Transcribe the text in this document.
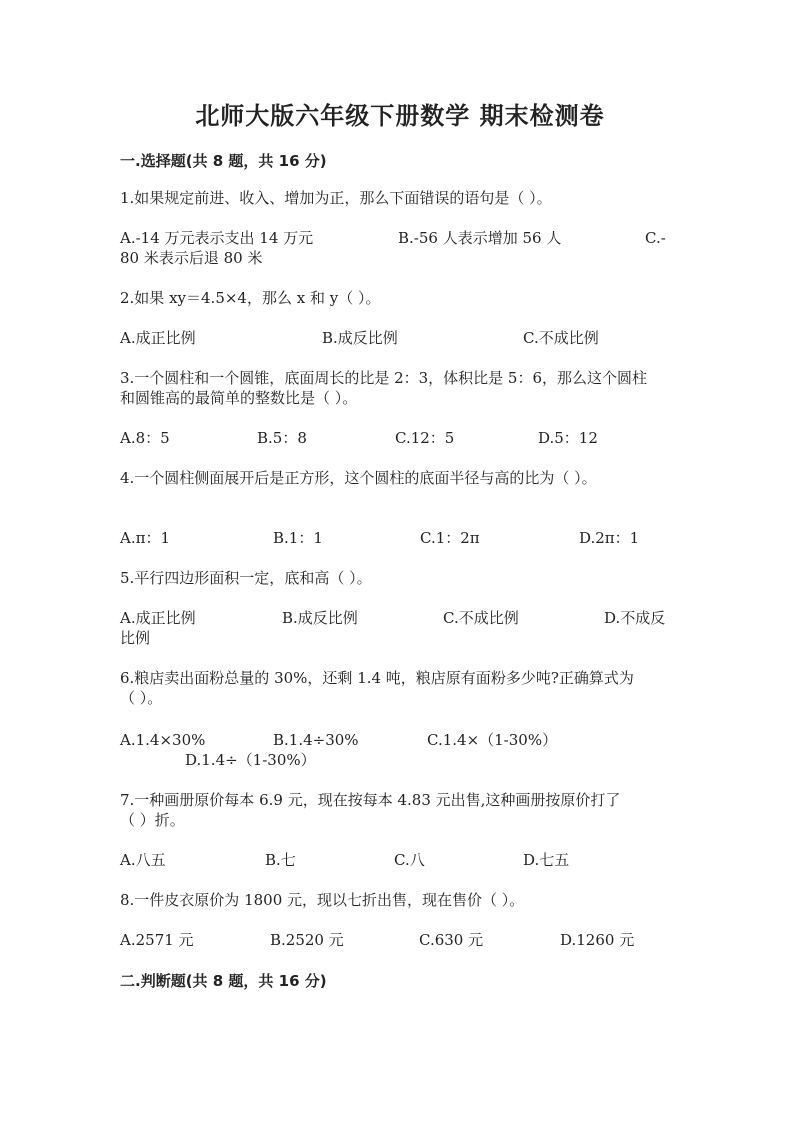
北师大版六年级下册数学 期末检测卷
一.选择题(共 8 题，共 16 分)
1.如果规定前进、收入、增加为正，那么下面错误的语句是（ ）。
A.-14 万元表示支出 14 万元	B.-56 人表示增加 56 人	C.-
80 米表示后退 80 米
2.如果 xy＝4.5×4，那么 x 和 y（ ）。
A.成正比例	B.成反比例	C.不成比例
3.一个圆柱和一个圆锥，底面周长的比是 2：3，体积比是 5：6，那么这个圆柱
和圆锥高的最简单的整数比是（ ）。
A.8：5	B.5：8	C.12：5	D.5：12
4.一个圆柱侧面展开后是正方形，这个圆柱的底面半径与高的比为（ ）。
A.π：1	B.1：1	C.1：2π	D.2π：1
5.平行四边形面积一定，底和高（ ）。
A.成正比例	B.成反比例	C.不成比例	D.不成反
比例
6.粮店卖出面粉总量的 30%，还剩 1.4 吨，粮店原有面粉多少吨?正确算式为
（ ）。
A.1.4×30%	B.1.4÷30%	C.1.4×（1-30%）
D.1.4÷（1-30%）
7.一种画册原价每本 6.9 元，现在按每本 4.83 元出售,这种画册按原价打了
（ ）折。
A.八五	B.七	C.八	D.七五
8.一件皮衣原价为 1800 元，现以七折出售，现在售价（ ）。
A.2571 元	B.2520 元	C.630 元	D.1260 元
二.判断题(共 8 题，共 16 分)
